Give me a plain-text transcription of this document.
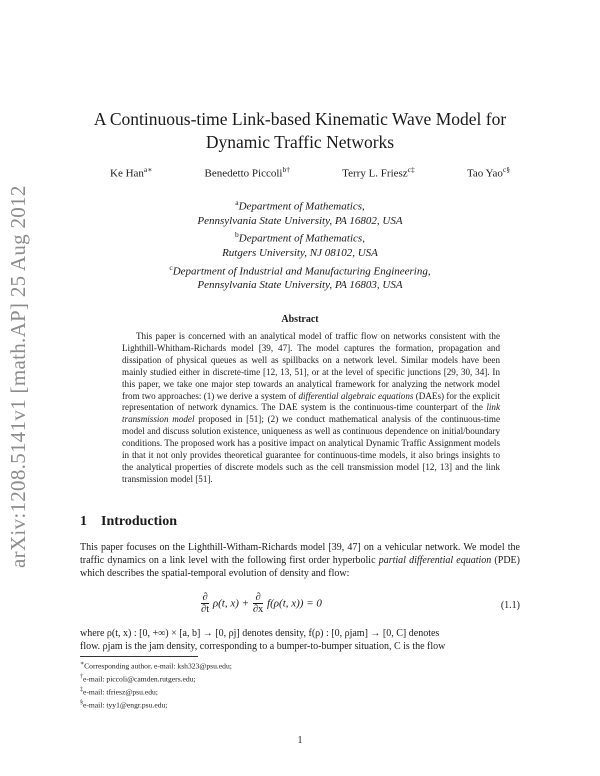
arXiv:1208.5141v1 [math.AP] 25 Aug 2012
A Continuous-time Link-based Kinematic Wave Model for
Dynamic Traffic Networks
Ke Han$^{a∗}$	Benedetto Piccoli$^{b\dagger}$	Terry L. Friesz$^{c\ddagger}$	Tao Yao$^{c\S}$
$^a$Department of Mathematics,
Pennsylvania State University, PA 16802, USA
$^b$Department of Mathematics,
Rutgers University, NJ 08102, USA
$^c$Department of Industrial and Manufacturing Engineering,
Pennsylvania State University, PA 16803, USA
Abstract

This paper is concerned with an analytical model of traffic flow on networks consistent with the Lighthill-Whitham-Richards model [39, 47]. The model captures the formation, propagation and dissipation of physical queues as well as spillbacks on a network level. Similar models have been mainly studied either in discrete-time [12, 13, 51], or at the level of specific junctions [29, 30, 34]. In this paper, we take one major step towards an analytical framework for analyzing the network model from two approaches: (1) we derive a system of differential algebraic equations (DAEs) for the explicit representation of network dynamics. The DAE system is the continuous-time counterpart of the link transmission model proposed in [51]; (2) we conduct mathematical analysis of the continuous-time model and discuss solution existence, uniqueness as well as continuous dependence on initial/boundary conditions. The proposed work has a positive impact on analytical Dynamic Traffic Assignment models in that it not only provides theoretical guarantee for continuous-time models, it also brings insights to the analytical properties of discrete models such as the cell transmission model [12, 13] and the link transmission model [51].

1 Introduction

This paper focuses on the Lighthill-Witham-Richards model [39, 47] on a vehicular network. We model the traffic dynamics on a link level with the following first order hyperbolic partial differential equation (PDE) which describes the spatial-temporal evolution of density and flow:

$\frac{\partial}{\partial t} \rho(t$, $x) + \frac{\partial}{\partial x} f(\rho(t$, x)) = 0	(1.1)

where ρ(t, x) : [0, +∞) × [a, b] → [0, ρj] denotes density, f(ρ) : [0, ρjam] → [0, C] denotes

flow. ρjam is the jam density, corresponding to a bumper-to-bumper situation, C is the flow

∗Corresponding author, e-mail: ksh323@psu.edu;
†e-mail: piccoli@camden.rutgers.edu;
‡e-mail: tfriesz@psu.edu;
§e-mail: tyy1@engr.psu.edu;
1
